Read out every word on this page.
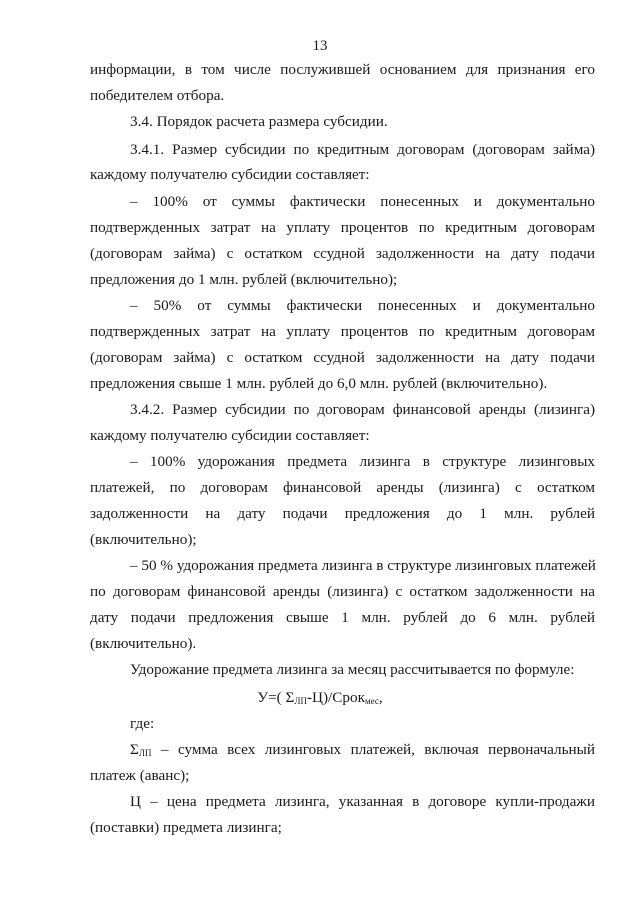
13
информации, в том числе послужившей основанием для признания его
победителем отбора.
3.4. Порядок расчета размера субсидии.
3.4.1. Размер субсидии по кредитным договорам (договорам займа)
каждому получателю субсидии составляет:
– 100% от суммы фактически понесенных и документально
подтвержденных затрат на уплату процентов по кредитным договорам
(договорам займа) с остатком ссудной задолженности на дату подачи
предложения до 1 млн. рублей (включительно);
– 50% от суммы фактически понесенных и документально
подтвержденных затрат на уплату процентов по кредитным договорам
(договорам займа) с остатком ссудной задолженности на дату подачи
предложения свыше 1 млн. рублей до 6,0 млн. рублей (включительно).
3.4.2. Размер субсидии по договорам финансовой аренды (лизинга)
каждому получателю субсидии составляет:
– 100% удорожания предмета лизинга в структуре лизинговых
платежей, по договорам финансовой аренды (лизинга) с остатком
задолженности на дату подачи предложения до 1 млн. рублей
(включительно);
– 50 % удорожания предмета лизинга в структуре лизинговых платежей
по договорам финансовой аренды (лизинга) с остатком задолженности на
дату подачи предложения свыше 1 млн. рублей до 6 млн. рублей
(включительно).
Удорожание предмета лизинга за месяц рассчитывается по формуле:
У=( $\Sigma_{ЛП}-Ц)/Срок_{мес}$,
где:
$\Sigma_{ЛП}$ – сумма всех лизинговых платежей, включая первоначальный
платеж (аванс);
Ц – цена предмета лизинга, указанная в договоре купли-продажи
(поставки) предмета лизинга;
